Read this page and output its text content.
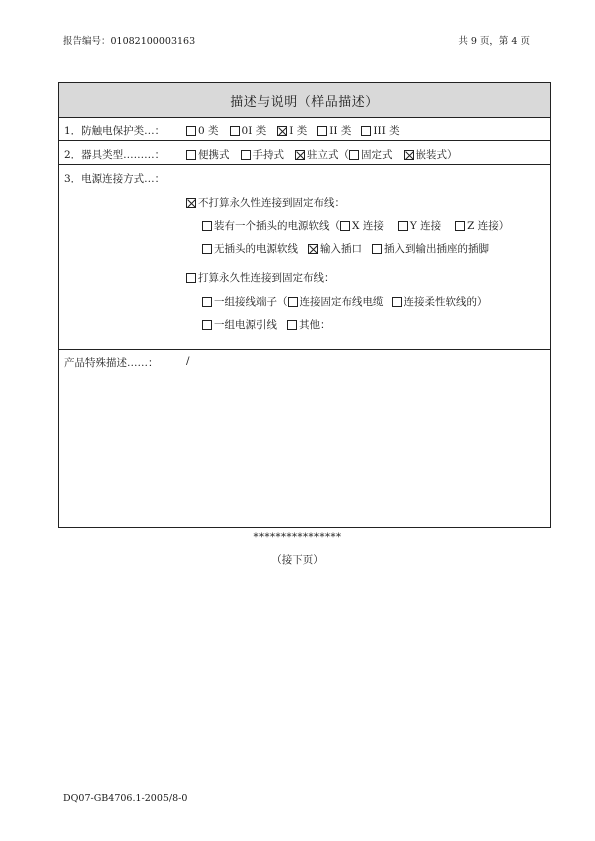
报告编号：01082100003163	共 9 页，第 4 页
描述与说明（样品描述）
1．防触电保护类…：	0 类 0I 类 I 类 II 类 III 类
2．器具类型………：	便携式 手持式 驻立式（ 固定式 嵌装式）
3．电源连接方式…：
不打算永久性连接到固定布线：
装有一个插头的电源软线（ X 连接 Y 连接 Z 连接）
无插头的电源软线 输入插口 插入到输出插座的插脚
打算永久性连接到固定布线：
一组接线端子（ 连接固定布线电缆 连接柔性软线的）
一组电源引线 其他：
产品特殊描述……：	/
****************
（接下页）
DQ07-GB4706.1-2005/8-0
